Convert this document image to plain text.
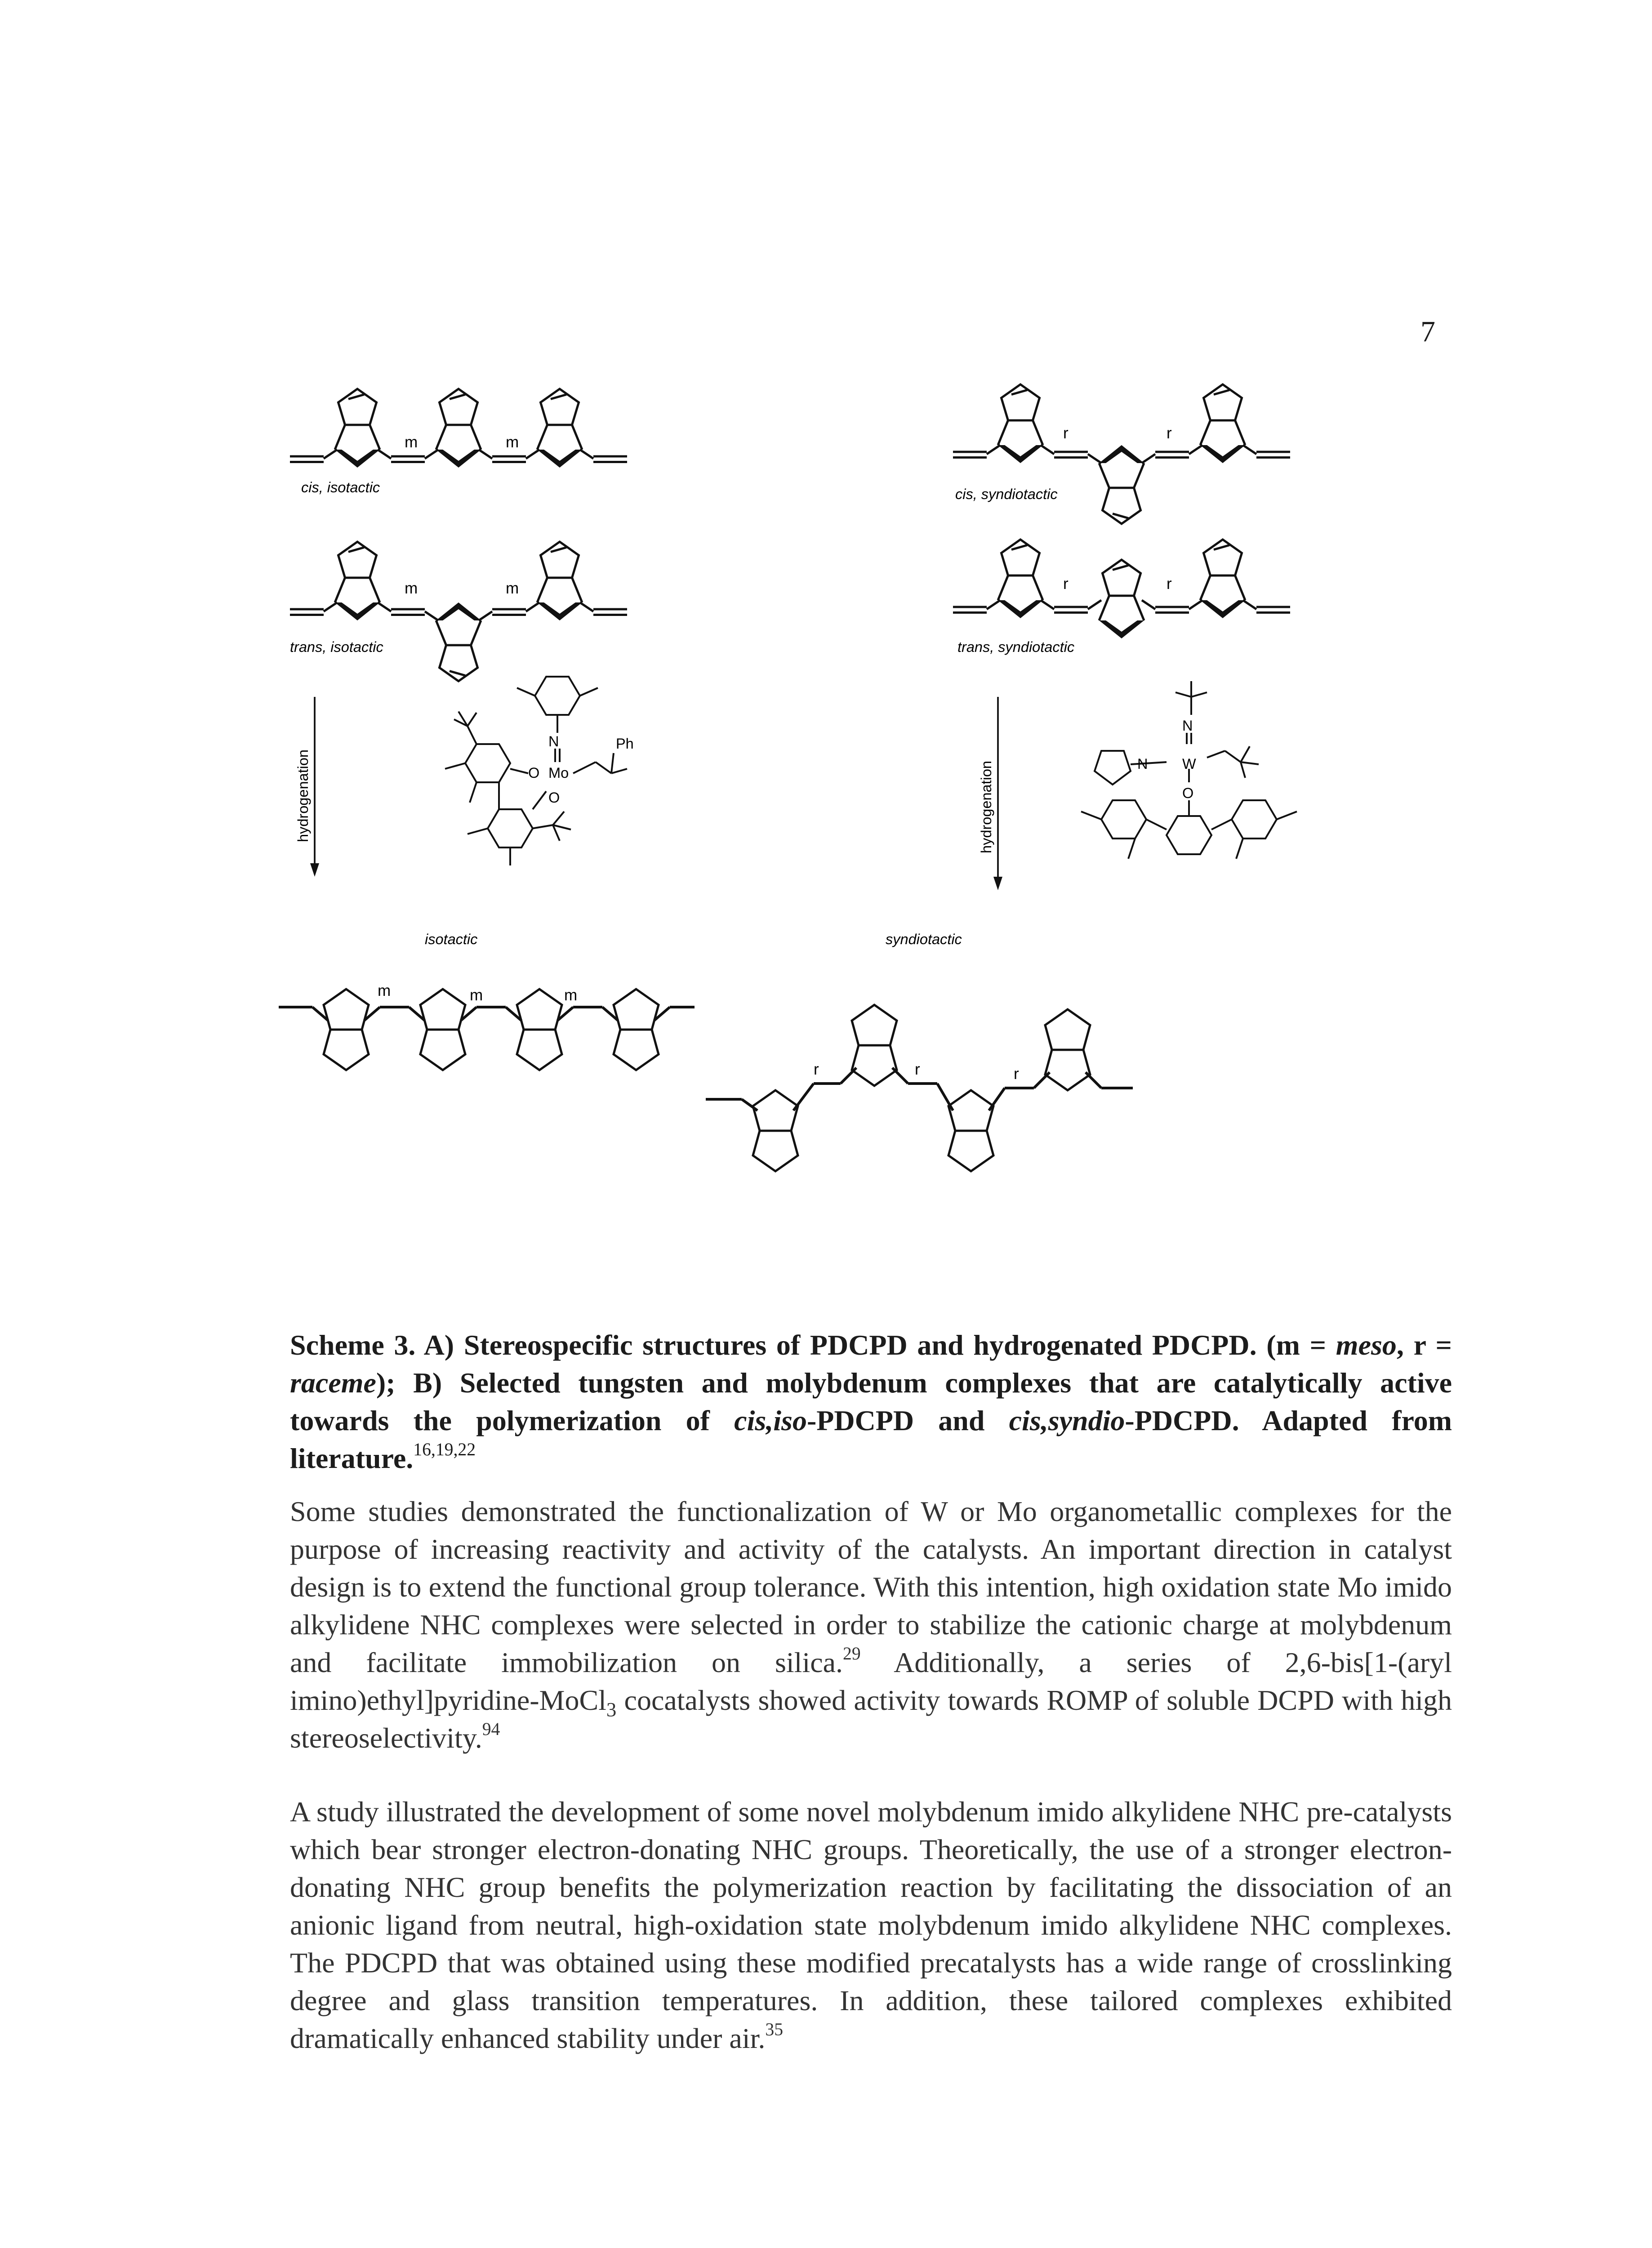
7
m	m
cis, isotactic
r	r
cis, syndiotactic
m	m
trans, isotactic
r	r
trans, syndiotactic
hydrogenation	hydrogenation
N
O Mo
O
Ph
N
N	W
O
isotactic
m	m	m
syndiotactic
r	r	r

Scheme 3. A) Stereospecific structures of PDCPD and hydrogenated PDCPD. (m = meso, r = raceme); B) Selected tungsten and molybdenum complexes that are catalytically active towards the polymerization of cis,iso-PDCPD and cis,syndio-PDCPD. Adapted from literature.$^{16,19,22}$

Some studies demonstrated the functionalization of W or Mo organometallic complexes for the purpose of increasing reactivity and activity of the catalysts. An important direction in catalyst design is to extend the functional group tolerance. With this intention, high oxidation state Mo imido alkylidene NHC complexes were selected in order to stabilize the cationic charge at molybdenum and facilitate immobilization on silica.$^{29}$ Additionally, a series of 2,6-bis[1-(aryl imino)ethyl]pyridine-MoCl$_3$ cocatalysts showed activity towards ROMP of soluble DCPD with high stereoselectivity.$^{94}$

A study illustrated the development of some novel molybdenum imido alkylidene NHC pre-catalysts which bear stronger electron-donating NHC groups. Theoretically, the use of a stronger electron-donating NHC group benefits the polymerization reaction by facilitating the dissociation of an anionic ligand from neutral, high-oxidation state molybdenum imido alkylidene NHC complexes. The PDCPD that was obtained using these modified precatalysts has a wide range of crosslinking degree and glass transition temperatures. In addition, these tailored complexes exhibited dramatically enhanced stability under air.$^{35}$
